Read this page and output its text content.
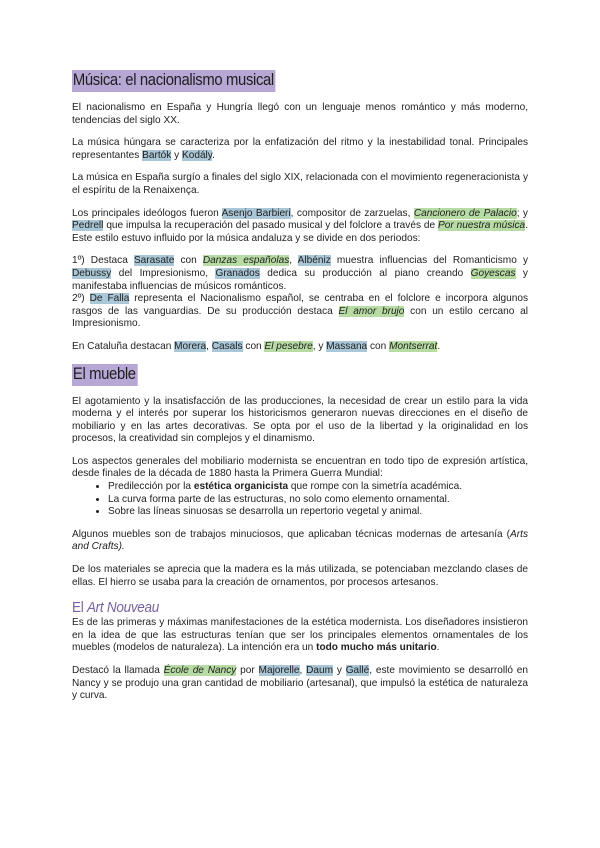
Música: el nacionalismo musical

El nacionalismo en España y Hungría llegó con un lenguaje menos romántico y más moderno, tendencias del siglo XX.

La música húngara se caracteriza por la enfatización del ritmo y la inestabilidad tonal. Principales representantes Bartók y Kodály.

La música en España surgío a finales del siglo XIX, relacionada con el movimiento regeneracionista y el espíritu de la Renaixença.

Los principales ideólogos fueron Asenjo Barbieri, compositor de zarzuelas, Cancionero de Palacio; y Pedrell que impulsa la recuperación del pasado musical y del folclore a través de Por nuestra música. Este estilo estuvo influido por la música andaluza y se divide en dos periodos:

1º) Destaca Sarasate con Danzas españolas, Albéniz muestra influencias del Romanticismo y Debussy del Impresionismo, Granados dedica su producción al piano creando Goyescas y manifestaba influencias de músicos románticos.

2º) De Falla representa el Nacionalismo español, se centraba en el folclore e incorpora algunos rasgos de las vanguardias. De su producción destaca El amor brujo con un estilo cercano al Impresionismo.

En Cataluña destacan Morera, Casals con El pesebre, y Massana con Montserrat.

El mueble

El agotamiento y la insatisfacción de las producciones, la necesidad de crear un estilo para la vida moderna y el interés por superar los historicismos generaron nuevas direcciones en el diseño de mobiliario y en las artes decorativas. Se opta por el uso de la libertad y la originalidad en los procesos, la creatividad sin complejos y el dinamismo.

Los aspectos generales del mobiliario modernista se encuentran en todo tipo de expresión artística, desde finales de la década de 1880 hasta la Primera Guerra Mundial:

• Predilección por la estética organicista que rompe con la simetría académica.
• La curva forma parte de las estructuras, no solo como elemento ornamental.
• Sobre las líneas sinuosas se desarrolla un repertorio vegetal y animal.

Algunos muebles son de trabajos minuciosos, que aplicaban técnicas modernas de artesanía (Arts and Crafts).

De los materiales se aprecia que la madera es la más utilizada, se potenciaban mezclando clases de ellas. El hierro se usaba para la creación de ornamentos, por procesos artesanos.

El Art Nouveau

Es de las primeras y máximas manifestaciones de la estética modernista. Los diseñadores insistieron en la idea de que las estructuras tenían que ser los principales elementos ornamentales de los muebles (modelos de naturaleza). La intención era un todo mucho más unitario.

Destacó la llamada École de Nancy por Majorelle, Daum y Gallé, este movimiento se desarrolló en Nancy y se produjo una gran cantidad de mobiliario (artesanal), que impulsó la estética de naturaleza y curva.
